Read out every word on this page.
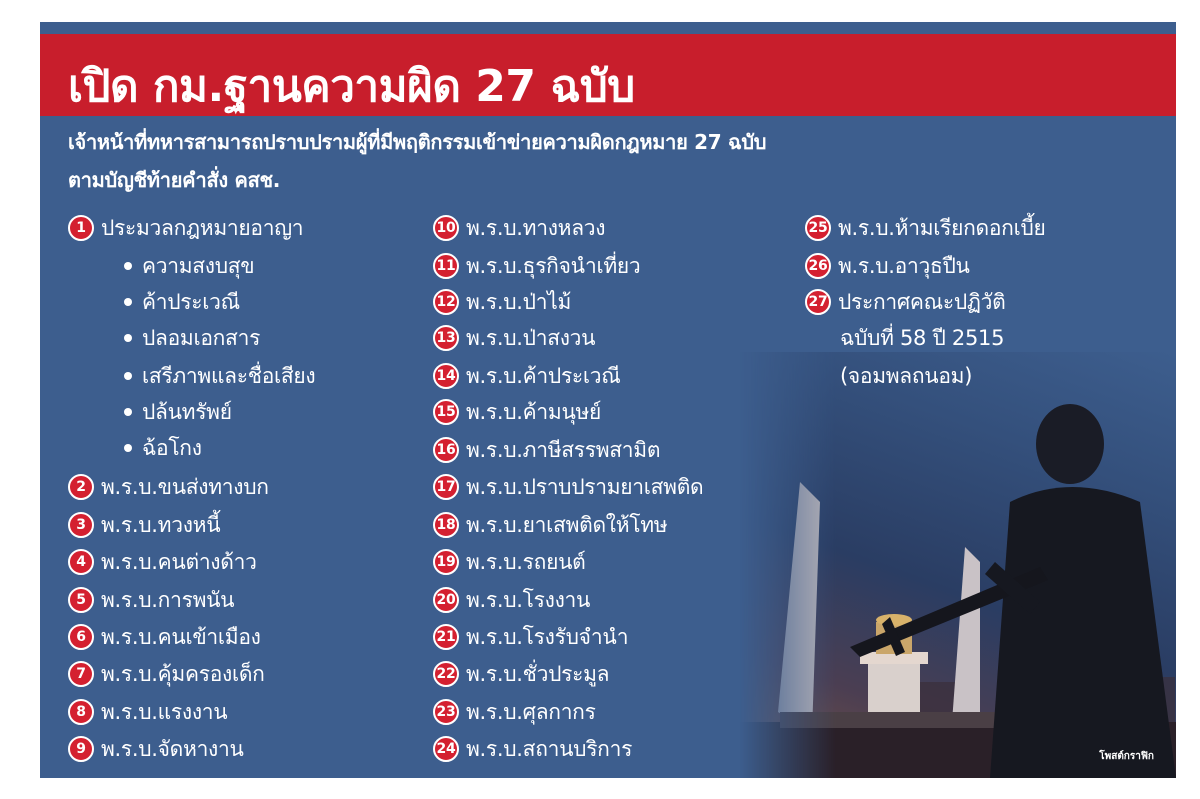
เปิด กม.ฐานความผิด 27 ฉบับ
เจ้าหน้าที่ทหารสามารถปราบปรามผู้ที่มีพฤติกรรมเข้าข่ายความผิดกฎหมาย 27 ฉบับ
ตามบัญชีท้ายคำสั่ง คสช.
1 ประมวลกฎหมายอาญา
ความสงบสุข
ค้าประเวณี
ปลอมเอกสาร
เสรีภาพและชื่อเสียง
ปล้นทรัพย์
ฉ้อโกง
2 พ.ร.บ.ขนส่งทางบก
3 พ.ร.บ.ทวงหนี้
4 พ.ร.บ.คนต่างด้าว
5 พ.ร.บ.การพนัน
6 พ.ร.บ.คนเข้าเมือง
7 พ.ร.บ.คุ้มครองเด็ก
8 พ.ร.บ.แรงงาน
9 พ.ร.บ.จัดหางาน
10 พ.ร.บ.ทางหลวง
11 พ.ร.บ.ธุรกิจนำเที่ยว
12 พ.ร.บ.ป่าไม้
13 พ.ร.บ.ป่าสงวน
14 พ.ร.บ.ค้าประเวณี
15 พ.ร.บ.ค้ามนุษย์
16 พ.ร.บ.ภาษีสรรพสามิต
17 พ.ร.บ.ปราบปรามยาเสพติด
18 พ.ร.บ.ยาเสพติดให้โทษ
19 พ.ร.บ.รถยนต์
20 พ.ร.บ.โรงงาน
21 พ.ร.บ.โรงรับจำนำ
22 พ.ร.บ.ชั่วประมูล
23 พ.ร.บ.ศุลกากร
24 พ.ร.บ.สถานบริการ
25 พ.ร.บ.ห้ามเรียกดอกเบี้ย
26 พ.ร.บ.อาวุธปืน
27 ประกาศคณะปฏิวัติ
ฉบับที่ 58 ปี 2515
(จอมพลถนอม)
โพสต์กราฟิก
